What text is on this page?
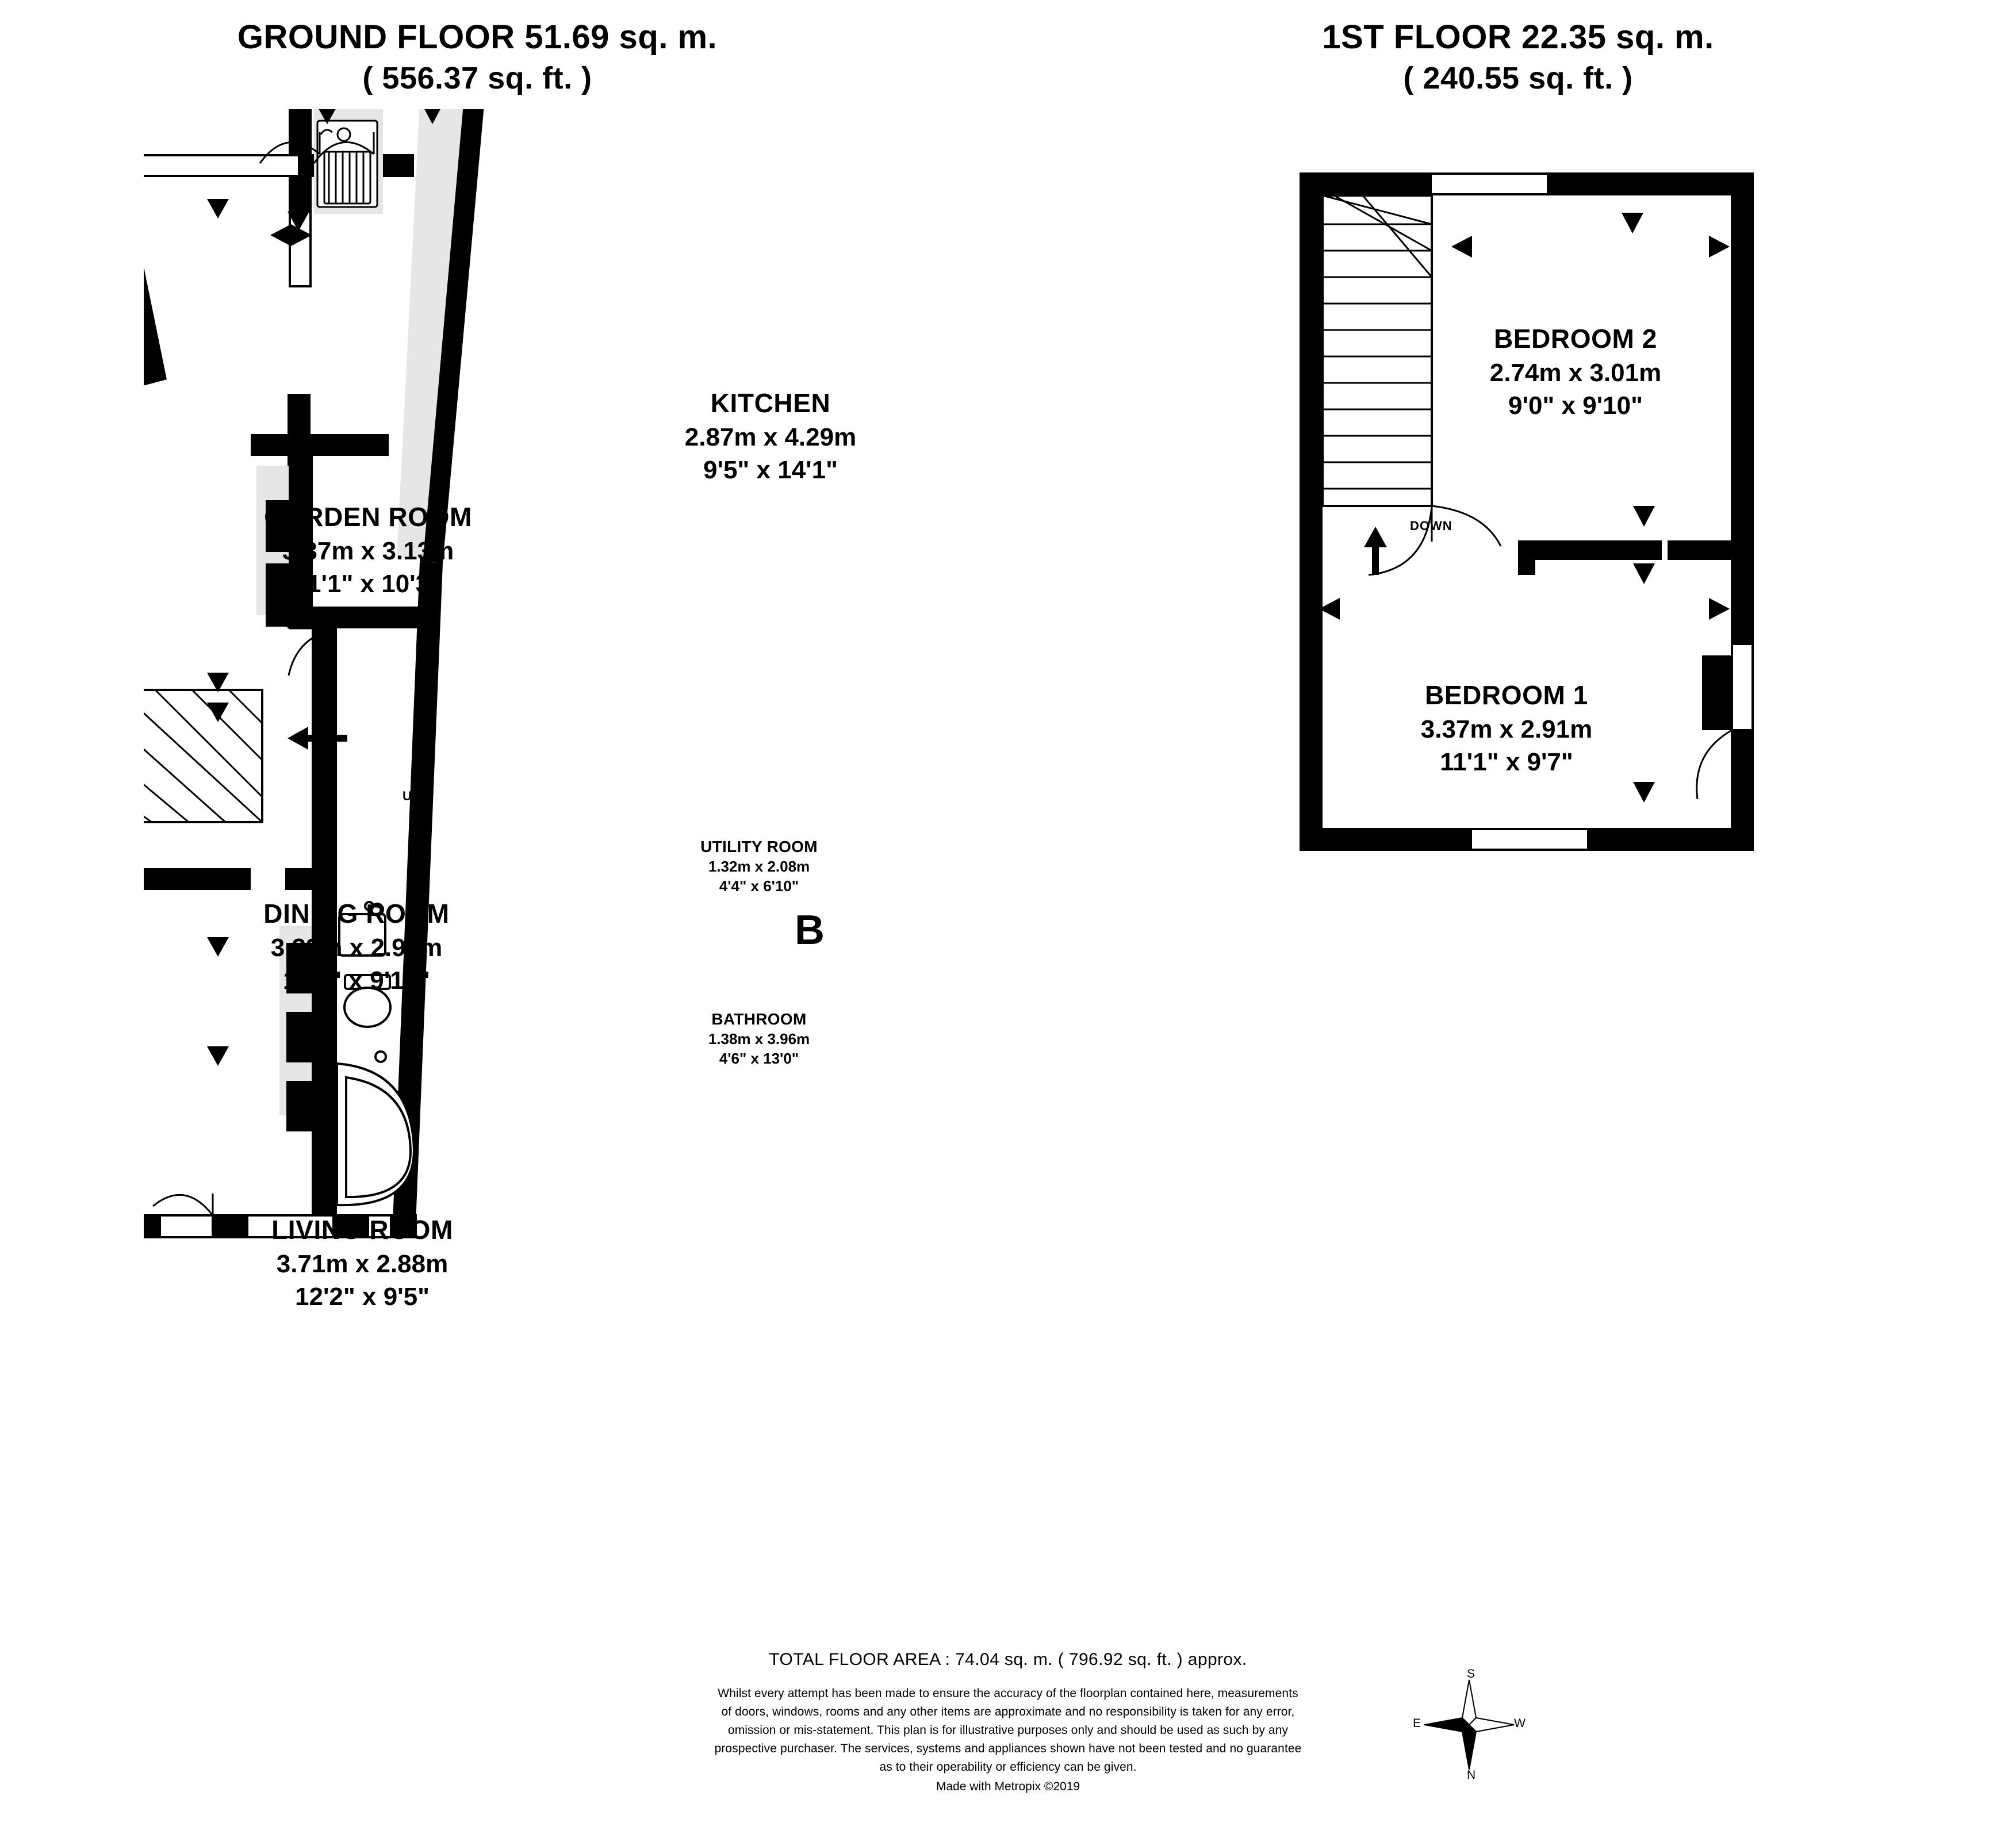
GROUND FLOOR 51.69 sq. m.
( 556.37 sq. ft. )
1ST FLOOR 22.35 sq. m.
( 240.55 sq. ft. )
KITCHEN
2.87m x 4.29m
9'5" x 14'1"
GARDEN ROOM
3.37m x 3.13m
11'1" x 10'3"
DINING ROOM
3.39m x 2.99m
11'1" x 9'10"
LIVING ROOM
3.71m x 2.88m
12'2" x 9'5"
UTILITY ROOM
1.32m x 2.08m
4'4" x 6'10"
BATHROOM
1.38m x 3.96m
4'6" x 13'0"
BEDROOM 2
2.74m x 3.01m
9'0" x 9'10"
BEDROOM 1
3.37m x 2.91m
11'1" x 9'7"
UP
DOWN
B
N
S
E	W
TOTAL FLOOR AREA : 74.04 sq. m. ( 796.92 sq. ft. ) approx.
Whilst every attempt has been made to ensure the accuracy of the floorplan contained here, measurements
of doors, windows, rooms and any other items are approximate and no responsibility is taken for any error,
omission or mis-statement. This plan is for illustrative purposes only and should be used as such by any
prospective purchaser. The services, systems and appliances shown have not been tested and no guarantee
as to their operability or efficiency can be given.
Made with Metropix ©2019
